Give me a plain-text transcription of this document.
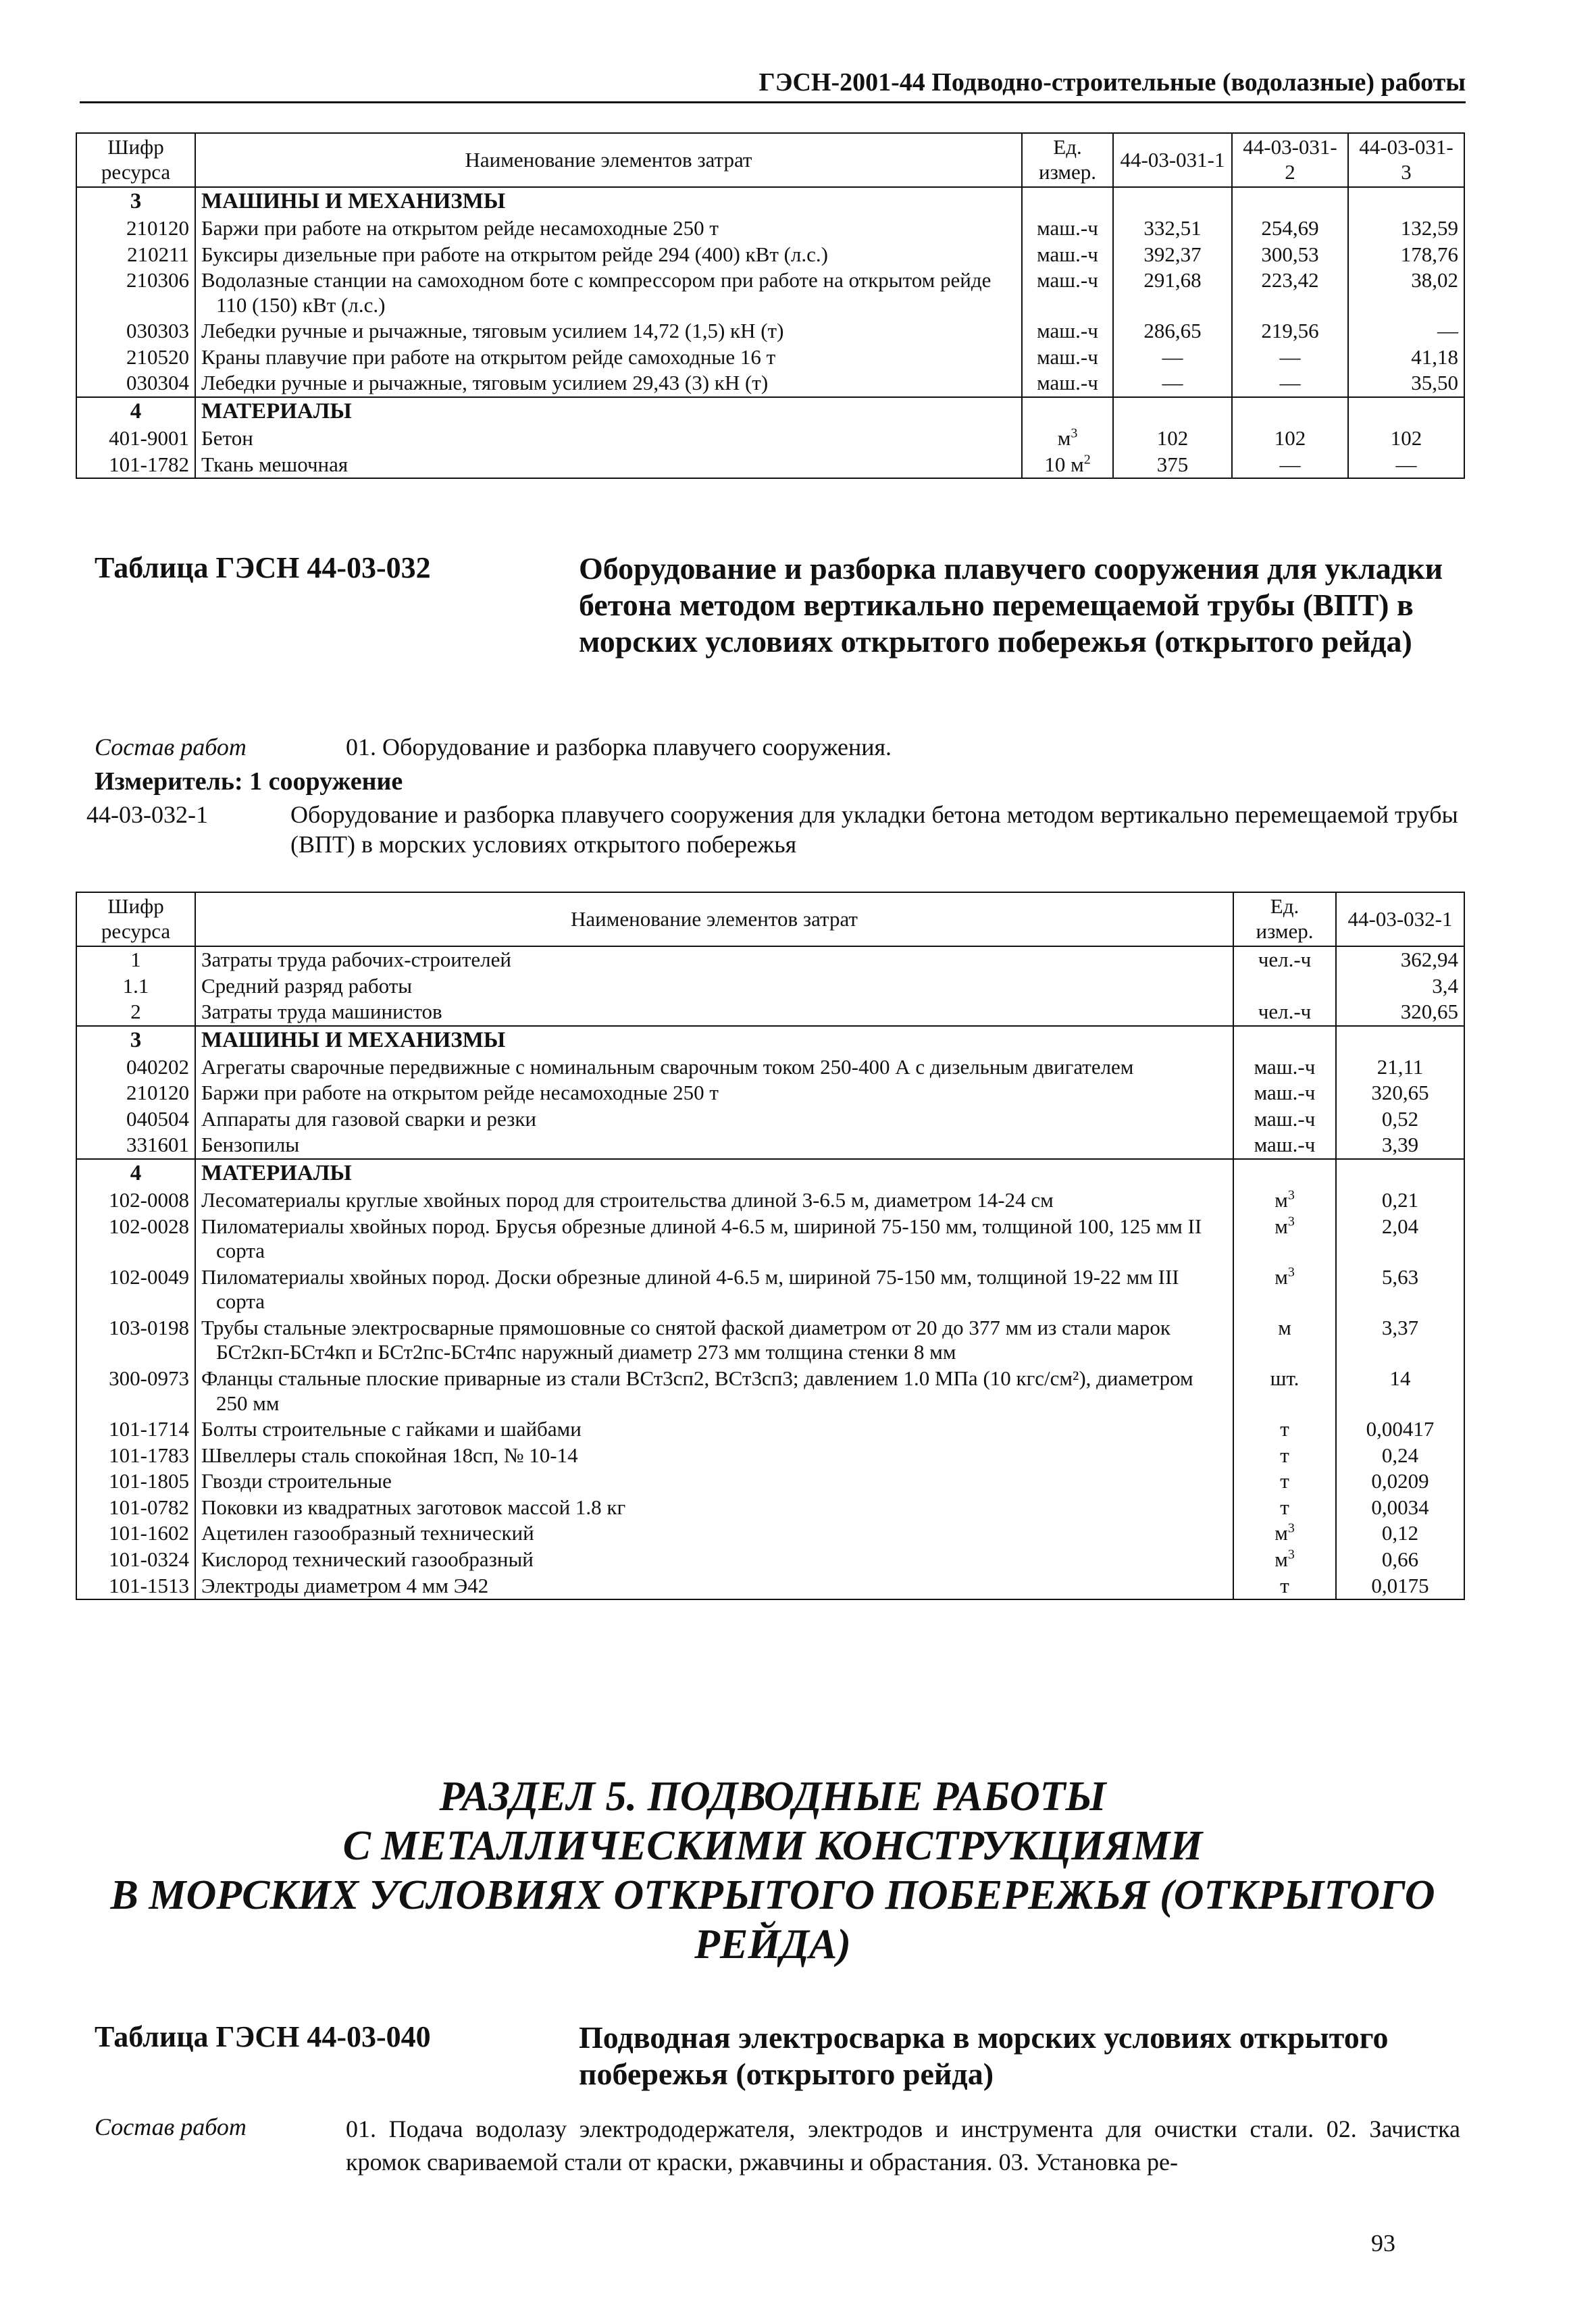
ГЭСН-2001-44 Подводно-строительные (водолазные) работы
Шифр ресурса	Наименование элементов затрат	Ед. измер.	44-03-031-1	44-03-031-2	44-03-031-3
3	МАШИНЫ И МЕХАНИЗМЫ				
210120	Баржи при работе на открытом рейде несамоходные 250 т	маш.-ч	332,51	254,69	132,59
210211	Буксиры дизельные при работе на открытом рейде 294 (400) кВт (л.с.)	маш.-ч	392,37	300,53	178,76
210306	Водолазные станции на самоходном боте с компрессором при работе на открытом рейде 110 (150) кВт (л.с.)	маш.-ч	291,68	223,42	38,02
030303	Лебедки ручные и рычажные, тяговым усилием 14,72 (1,5) кН (т)	маш.-ч	286,65	219,56	—
210520	Краны плавучие при работе на открытом рейде самоходные 16 т	маш.-ч	—	—	41,18
030304	Лебедки ручные и рычажные, тяговым усилием 29,43 (3) кН (т)	маш.-ч	—	—	35,50
4	МАТЕРИАЛЫ				
401-9001	Бетон	$м^3$	102	102	102
101-1782	Ткань мешочная	10 $м^2$	375	—	—
Таблица ГЭСН 44-03-032	Оборудование и разборка плавучего сооружения для укладки бетона методом вертикально перемещаемой трубы (ВПТ) в морских условиях открытого побережья (открытого рейда)
Состав работ	01. Оборудование и разборка плавучего сооружения.
Измеритель: 1 сооружение
44-03-032-1	Оборудование и разборка плавучего сооружения для укладки бетона методом вертикально перемещаемой трубы (ВПТ) в морских условиях открытого побережья
Шифр ресурса	Наименование элементов затрат	Ед. измер.	44-03-032-1
1	Затраты труда рабочих-строителей	чел.-ч	362,94
1.1	Средний разряд работы		3,4
2	Затраты труда машинистов	чел.-ч	320,65
3	МАШИНЫ И МЕХАНИЗМЫ		
040202	Агрегаты сварочные передвижные с номинальным сварочным током 250-400 А с дизельным двигателем	маш.-ч	21,11
210120	Баржи при работе на открытом рейде несамоходные 250 т	маш.-ч	320,65
040504	Аппараты для газовой сварки и резки	маш.-ч	0,52
331601	Бензопилы	маш.-ч	3,39
4	МАТЕРИАЛЫ		
102-0008	Лесоматериалы круглые хвойных пород для строительства длиной 3-6.5 м, диаметром 14-24 см	$м^3$	0,21
102-0028	Пиломатериалы хвойных пород. Брусья обрезные длиной 4-6.5 м, шириной 75-150 мм, толщиной 100, 125 мм II сорта	$м^3$	2,04
102-0049	Пиломатериалы хвойных пород. Доски обрезные длиной 4-6.5 м, шириной 75-150 мм, толщиной 19-22 мм III сорта	$м^3$	5,63
103-0198	Трубы стальные электросварные прямошовные со снятой фаской диаметром от 20 до 377 мм из стали марок БСт2кп-БСт4кп и БСт2пс-БСт4пс наружный диаметр 273 мм толщина стенки 8 мм	м	3,37
300-0973	Фланцы стальные плоские приварные из стали ВСт3сп2, ВСт3сп3; давлением 1.0 МПа (10 кгс/см²), диаметром 250 мм	шт.	14
101-1714	Болты строительные с гайками и шайбами	т	0,00417
101-1783	Швеллеры сталь спокойная 18сп, № 10-14	т	0,24
101-1805	Гвозди строительные	т	0,0209
101-0782	Поковки из квадратных заготовок массой 1.8 кг	т	0,0034
101-1602	Ацетилен газообразный технический	$м^3$	0,12
101-0324	Кислород технический газообразный	$м^3$	0,66
101-1513	Электроды диаметром 4 мм Э42	т	0,0175
РАЗДЕЛ 5. ПОДВОДНЫЕ РАБОТЫ
С МЕТАЛЛИЧЕСКИМИ КОНСТРУКЦИЯМИ
В МОРСКИХ УСЛОВИЯХ ОТКРЫТОГО ПОБЕРЕЖЬЯ (ОТКРЫТОГО
РЕЙДА)
Таблица ГЭСН 44-03-040	Подводная электросварка в морских условиях открытого побережья (открытого рейда)
Состав работ	01. Подача водолазу электрододержателя, электродов и инструмента для очистки стали. 02. Зачистка кромок свариваемой стали от краски, ржавчины и обрастания. 03. Установка ре-
93
